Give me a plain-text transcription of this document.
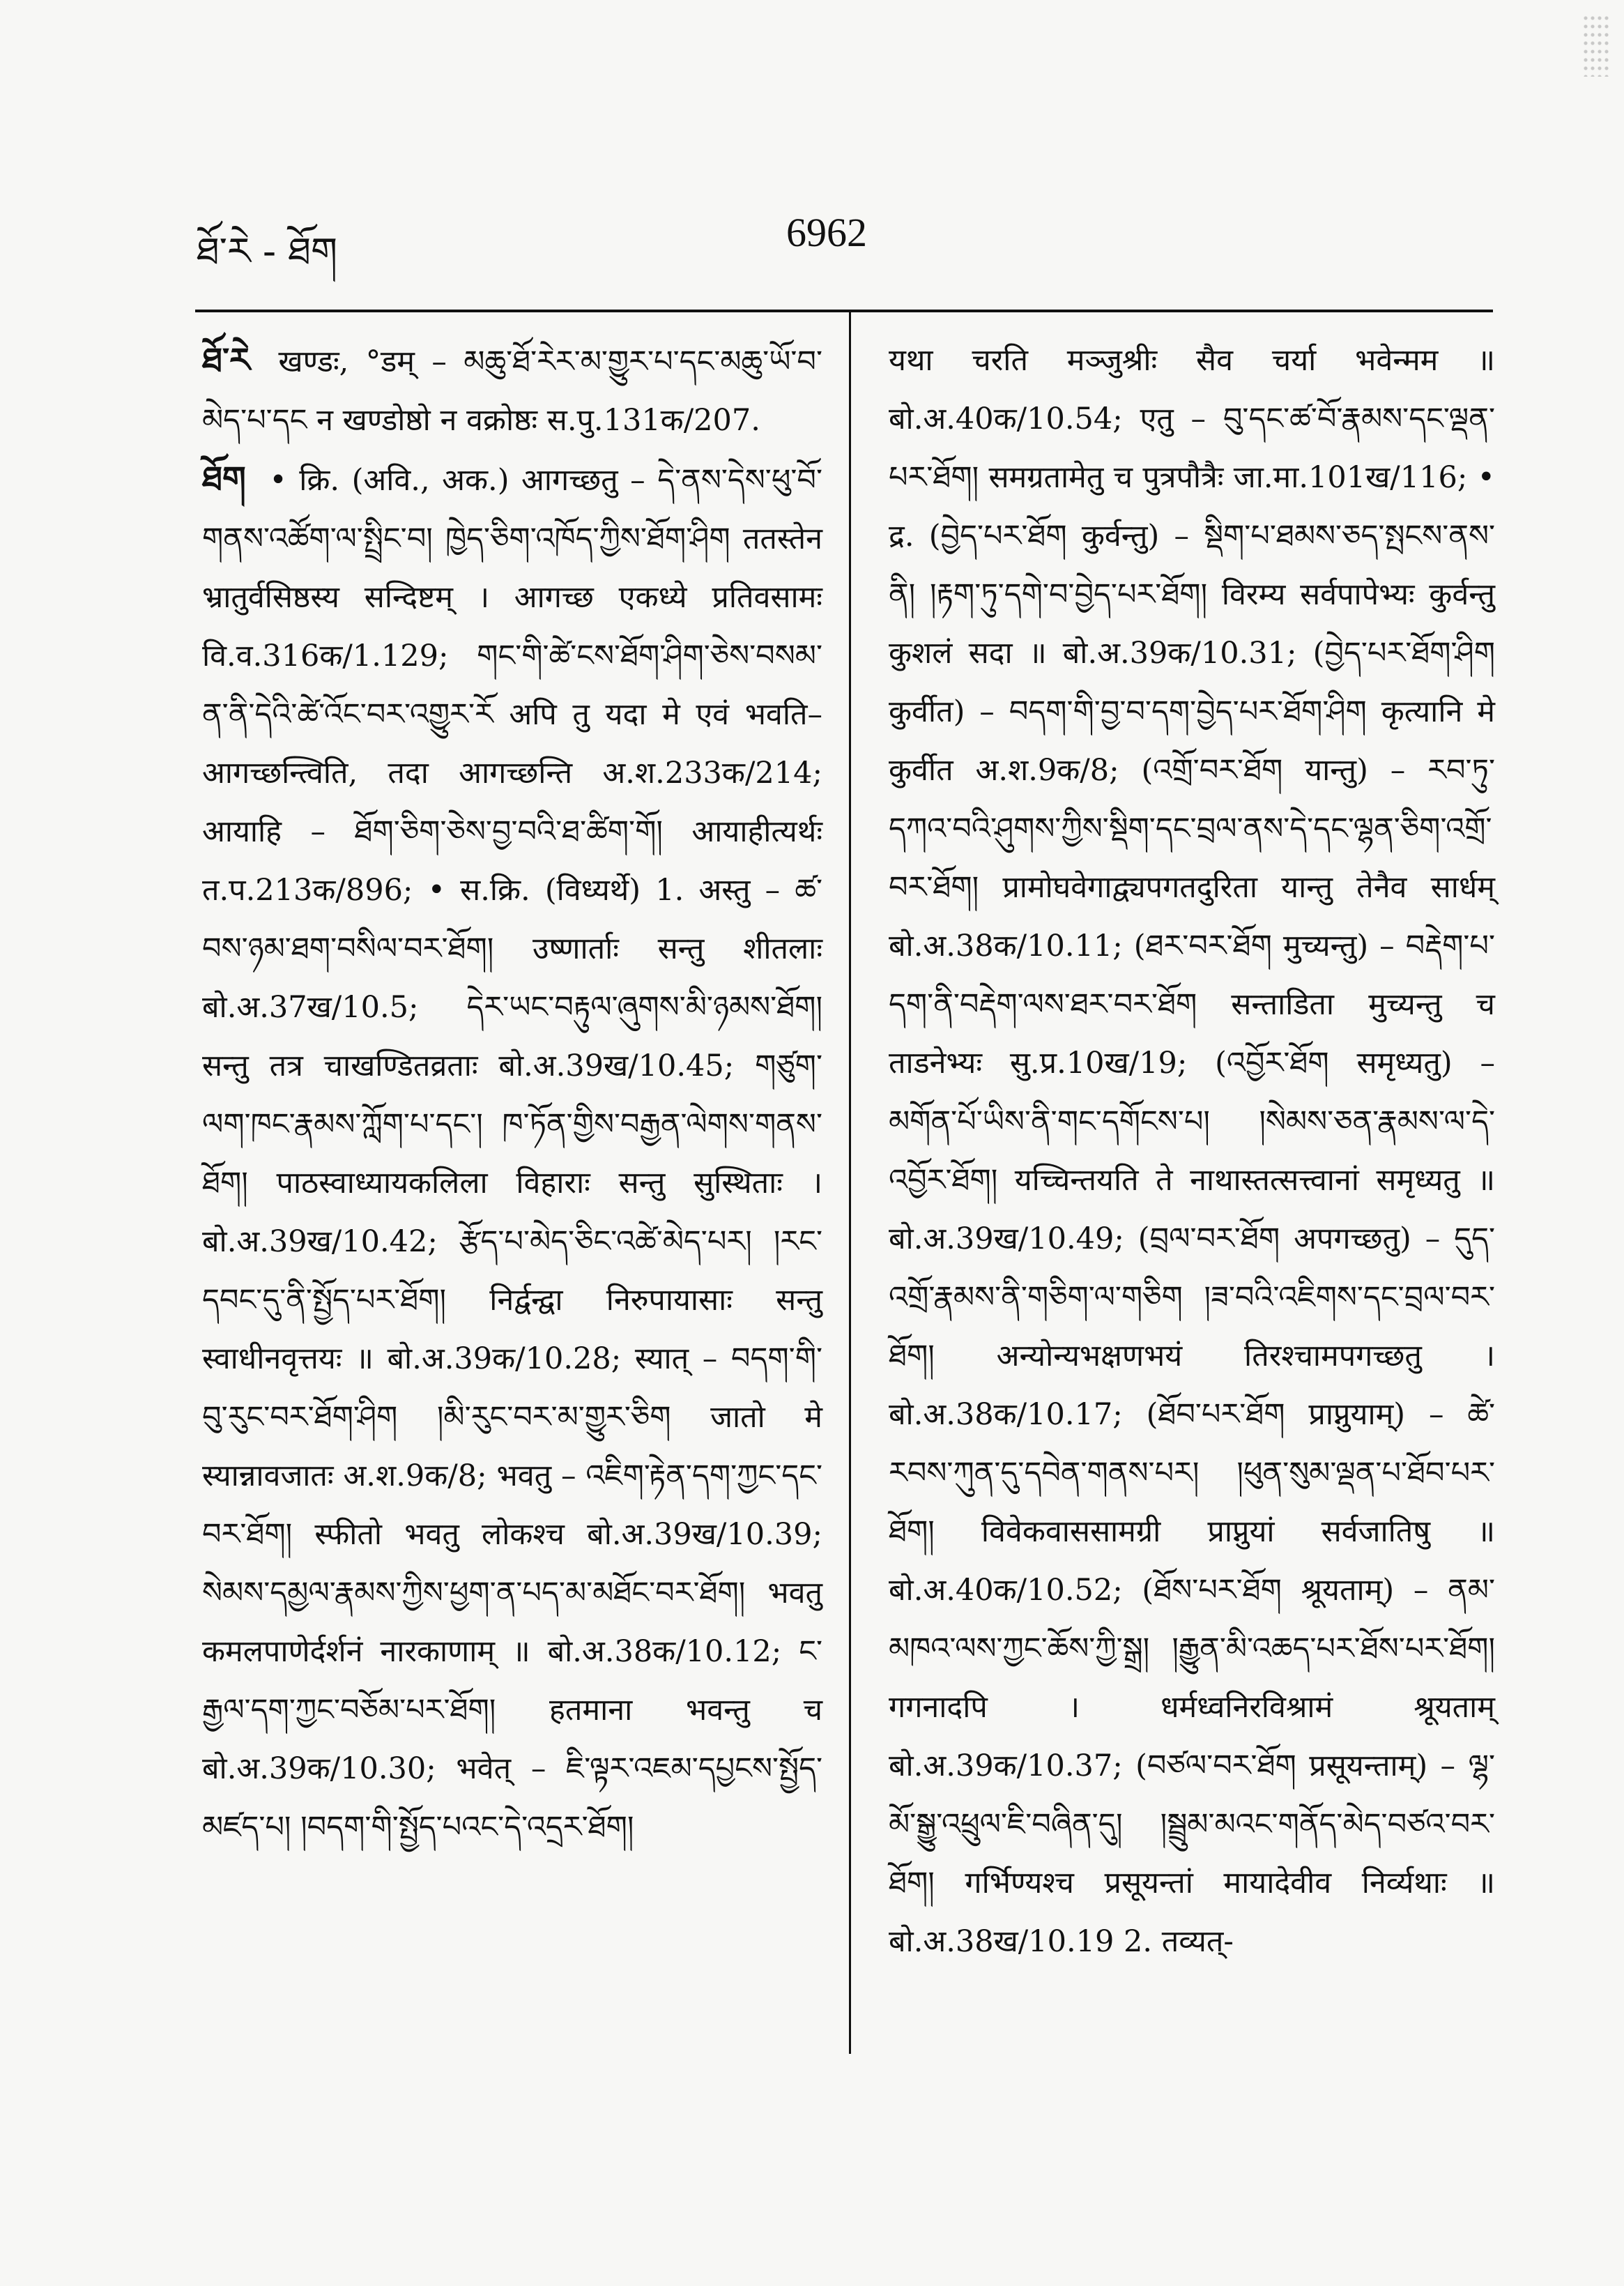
ཐོ་རེ - ཐོག	6962

ཐོ་རེ खण्डः, °डम् – མཆུ་ཐོ་རེར་མ་གྱུར་པ་དང་མཆུ་ཡོ་བ་མེད་པ་དང न खण्डोष्ठो न वक्रोष्ठः स.पु.131क/207.

ཐོག • क्रि. (अवि., अक.) आगच्छतु – དེ་ནས་དེས་ཕུ་བོ་གནས་འཚོག་ལ་སྤྲིང་བ། ཁྱེད་ཅིག་འཁོད་ཀྱིས་ཐོག་ཤིག ततस्तेन भ्रातुर्वसिष्ठस्य सन्दिष्टम् । आगच्छ एकध्ये प्रतिवसामः वि.व.316क/1.129; གང་གི་ཚེ་ངས་ཐོག་ཤིག་ཅེས་བསམ་ན་ནི་དེའི་ཚེ་འོང་བར་འགྱུར་རོ अपि तु यदा मे एवं भवति–आगच्छन्त्विति, तदा आगच्छन्ति अ.श.233क/214; आयाहि – ཐོག་ཅིག་ཅེས་བྱ་བའི་ཐ་ཚིག་གོ། आयाहीत्यर्थः त.प.213क/896; • स.क्रि. (विध्यर्थे) 1. अस्तु – ཚ་བས་ཉམ་ཐག་བསིལ་བར་ཐོག། उष्णार्ताः सन्तु शीतलाः बो.अ.37ख/10.5; དེར་ཡང་བརྟུལ་ཞུགས་མི་ཉམས་ཐོག། सन्तु तत्र चाखण्डितव्रताः बो.अ.39ख/10.45; གཙུག་ལག་ཁང་རྣམས་ཀློག་པ་དང་། ཁ་ཏོན་གྱིས་བརྒྱན་ལེགས་གནས་ཐོག། पाठस्वाध्यायकलिला विहाराः सन्तु सुस्थिताः । बो.अ.39ख/10.42; རྩོད་པ་མེད་ཅིང་འཚེ་མེད་པར། །རང་དབང་དུ་ནི་སྤྱོད་པར་ཐོག། निर्द्वन्द्वा निरुपायासाः सन्तु स्वाधीनवृत्तयः ॥ बो.अ.39क/10.28; स्यात् – བདག་གི་བུ་རུང་བར་ཐོག་ཤིག །མི་རུང་བར་མ་གྱུར་ཅིག जातो मे स्यान्नावजातः अ.श.9क/8; भवतु – འཇིག་རྟེན་དག་ཀྱང་དང་བར་ཐོག། स्फीतो भवतु लोकश्च बो.अ.39ख/10.39; སེམས་དམྱལ་རྣམས་ཀྱིས་ཕྱག་ན་པད་མ་མཐོང་བར་ཐོག། भवतु कमलपाणेर्दर्शनं नारकाणाम् ॥ बो.अ.38क/10.12; ང་རྒྱལ་དག་ཀྱང་བཅོམ་པར་ཐོག། हतमाना भवन्तु च बो.अ.39क/10.30; भवेत् – ཇི་ལྟར་འཇམ་དཔྱངས་སྤྱོད་མཛད་པ། །བདག་གི་སྤྱོད་པའང་དེ་འདྲར་ཐོག།

यथा चरति मञ्जुश्रीः सैव चर्या भवेन्मम ॥ बो.अ.40क/10.54; एतु – བུ་དང་ཚ་བོ་རྣམས་དང་ལྡན་པར་ཐོག། समग्रतामेतु च पुत्रपौत्रैः जा.मा.101ख/116; • द्र. (བྱེད་པར་ཐོག कुर्वन्तु) – སྡིག་པ་ཐམས་ཅད་སྤངས་ནས་ནི། །རྟག་ཏུ་དགེ་བ་བྱེད་པར་ཐོག། विरम्य सर्वपापेभ्यः कुर्वन्तु कुशलं सदा ॥ बो.अ.39क/10.31; (བྱེད་པར་ཐོག་ཤིག कुर्वीत) – བདག་གི་བྱ་བ་དག་བྱེད་པར་ཐོག་ཤིག कृत्यानि मे कुर्वीत अ.श.9क/8; (འགྲོ་བར་ཐོག यान्तु) – རབ་ཏུ་དཀའ་བའི་ཤུགས་ཀྱིས་སྡིག་དང་བྲལ་ནས་དེ་དང་ལྷན་ཅིག་འགྲོ་བར་ཐོག། प्रामोघवेगाद्व्यपगतदुरिता यान्तु तेनैव सार्धम् बो.अ.38क/10.11; (ཐར་བར་ཐོག मुच्यन्तु) – བརྡེག་པ་དག་ནི་བརྡེག་ལས་ཐར་བར་ཐོག सन्ताडिता मुच्यन्तु च ताडनेभ्यः सु.प्र.10ख/19; (འབྱོར་ཐོག समृध्यतु) – མགོན་པོ་ཡིས་ནི་གང་དགོངས་པ། །སེམས་ཅན་རྣམས་ལ་དེ་འབྱོར་ཐོག། यच्चिन्तयति ते नाथास्तत्सत्त्वानां समृध्यतु ॥ बो.अ.39ख/10.49; (བྲལ་བར་ཐོག अपगच्छतु) – དུད་འགྲོ་རྣམས་ནི་གཅིག་ལ་གཅིག །ཟ་བའི་འཇིགས་དང་བྲལ་བར་ཐོག། अन्योन्यभक्षणभयं तिरश्चामपगच्छतु । बो.अ.38क/10.17; (ཐོབ་པར་ཐོག प्राप्नुयाम्) – ཚེ་རབས་ཀུན་དུ་དབེན་གནས་པར། །ཕུན་སུམ་ལྡན་པ་ཐོབ་པར་ཐོག། विवेकवाससामग्री प्राप्नुयां सर्वजातिषु ॥ बो.अ.40क/10.52; (ཐོས་པར་ཐོག श्रूयताम्) – ནམ་མཁའ་ལས་ཀྱང་ཆོས་ཀྱི་སྒྲ། །རྒྱུན་མི་འཆད་པར་ཐོས་པར་ཐོག། गगनादपि । धर्मध्वनिरविश्रामं श्रूयताम् बो.अ.39क/10.37; (བཙལ་བར་ཐོག प्रसूयन्ताम्) – ལྷ་མོ་སྒྱུ་འཕྲུལ་ཇི་བཞིན་དུ། །སྦྲུམ་མའང་གནོད་མེད་བཙའ་བར་ཐོག། गर्भिण्यश्च प्रसूयन्तां मायादेवीव निर्व्यथाः ॥ बो.अ.38ख/10.19 2. तव्यत्-
